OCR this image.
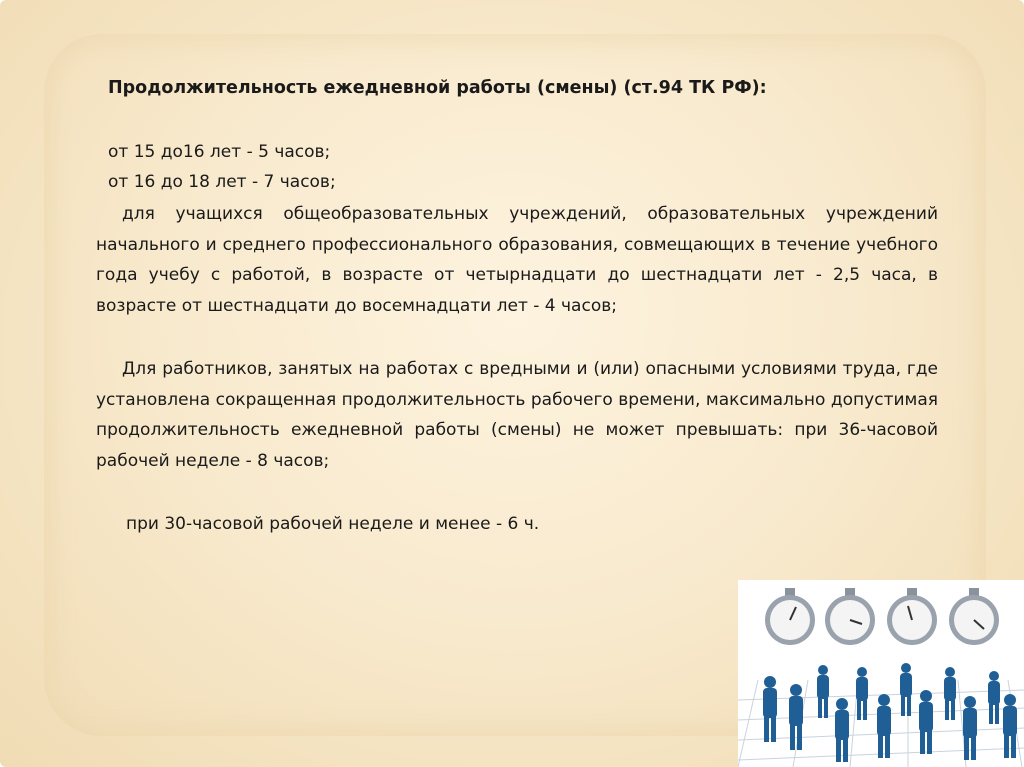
Продолжительность ежедневной работы (смены) (ст.94 ТК РФ):
от 15 до16 лет - 5 часов;
от 16 до 18 лет - 7 часов;
для учащихся общеобразовательных учреждений, образовательных учреждений начального и среднего профессионального образования, совмещающих в течение учебного года учебу с работой, в возрасте от четырнадцати до шестнадцати лет - 2,5 часа, в возрасте от шестнадцати до восемнадцати лет - 4 часов;
Для работников, занятых на работах с вредными и (или) опасными условиями труда, где установлена сокращенная продолжительность рабочего времени, максимально допустимая продолжительность ежедневной работы (смены) не может превышать: при 36-часовой рабочей неделе - 8 часов;
при 30-часовой рабочей неделе и менее - 6 ч.
